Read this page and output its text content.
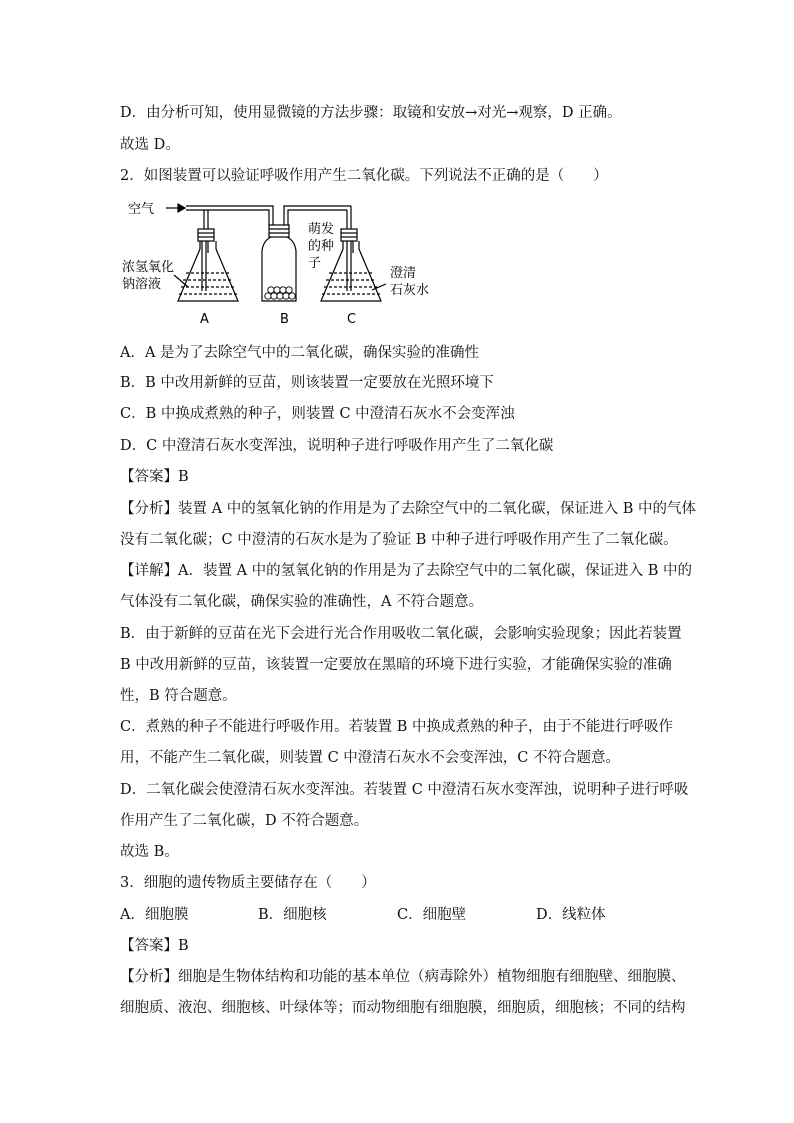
D．由分析可知，使用显微镜的方法步骤：取镜和安放→对光→观察，D 正确。
故选 D。
2．如图装置可以验证呼吸作用产生二氧化碳。下列说法不正确的是（　　）
空气
浓氢氧化
钠溶液
萌发
的种
子
澄清
石灰水
A	B	C
A．A 是为了去除空气中的二氧化碳，确保实验的准确性
B．B 中改用新鲜的豆苗，则该装置一定要放在光照环境下
C．B 中换成煮熟的种子，则装置 C 中澄清石灰水不会变浑浊
D．C 中澄清石灰水变浑浊，说明种子进行呼吸作用产生了二氧化碳
【答案】B
【分析】装置 A 中的氢氧化钠的作用是为了去除空气中的二氧化碳，保证进入 B 中的气体
没有二氧化碳；C 中澄清的石灰水是为了验证 B 中种子进行呼吸作用产生了二氧化碳。
【详解】A．装置 A 中的氢氧化钠的作用是为了去除空气中的二氧化碳，保证进入 B 中的
气体没有二氧化碳，确保实验的准确性，A 不符合题意。
B．由于新鲜的豆苗在光下会进行光合作用吸收二氧化碳，会影响实验现象；因此若装置
B 中改用新鲜的豆苗，该装置一定要放在黑暗的环境下进行实验，才能确保实验的准确
性，B 符合题意。
C．煮熟的种子不能进行呼吸作用。若装置 B 中换成煮熟的种子，由于不能进行呼吸作
用，不能产生二氧化碳，则装置 C 中澄清石灰水不会变浑浊，C 不符合题意。
D．二氧化碳会使澄清石灰水变浑浊。若装置 C 中澄清石灰水变浑浊，说明种子进行呼吸
作用产生了二氧化碳，D 不符合题意。
故选 B。
3．细胞的遗传物质主要储存在（　　）
A．细胞膜	B．细胞核	C．细胞壁	D．线粒体
【答案】B
【分析】细胞是生物体结构和功能的基本单位（病毒除外）植物细胞有细胞壁、细胞膜、
细胞质、液泡、细胞核、叶绿体等；而动物细胞有细胞膜，细胞质，细胞核；不同的结构
